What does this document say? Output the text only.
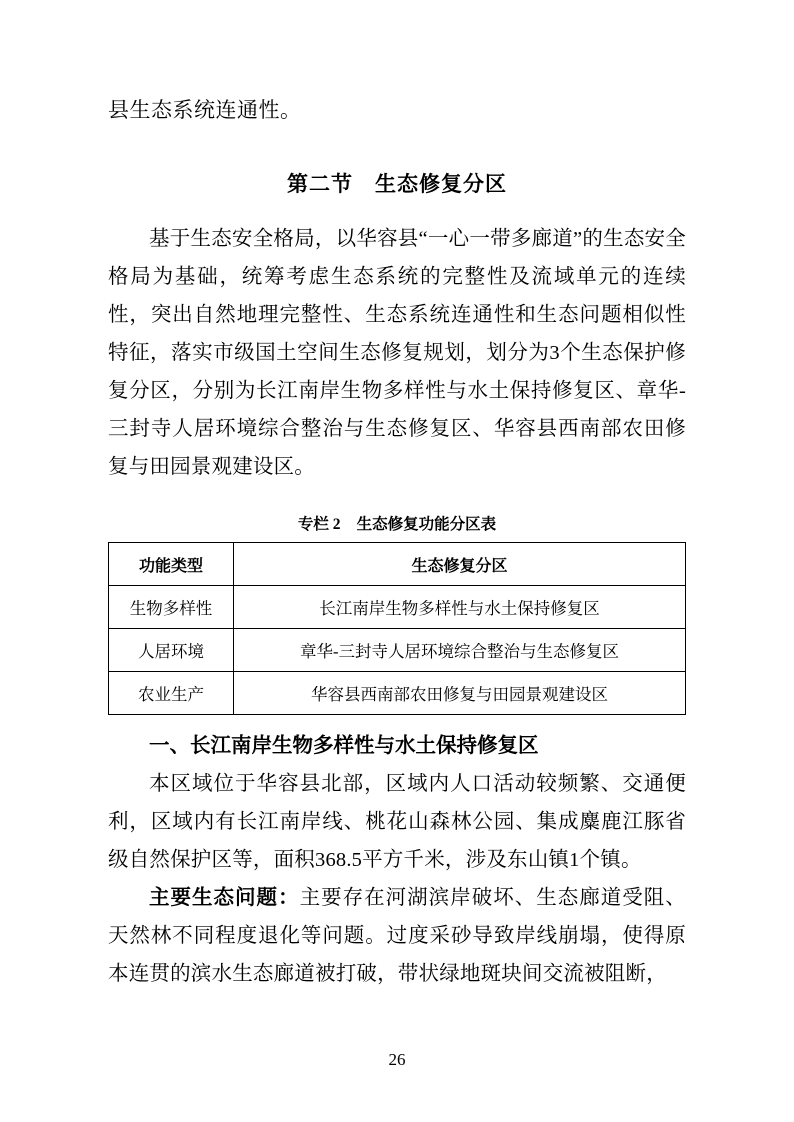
县生态系统连通性。
第二节 生态修复分区

基于生态安全格局，以华容县“一心一带多廊道”的生态安全格局为基础，统筹考虑生态系统的完整性及流域单元的连续性，突出自然地理完整性、生态系统连通性和生态问题相似性特征，落实市级国土空间生态修复规划，划分为3个生态保护修复分区，分别为长江南岸生物多样性与水土保持修复区、章华-三封寺人居环境综合整治与生态修复区、华容县西南部农田修复与田园景观建设区。

专栏 2 生态修复功能分区表
功能类型	生态修复分区
生物多样性	长江南岸生物多样性与水土保持修复区
人居环境	章华-三封寺人居环境综合整治与生态修复区
农业生产	华容县西南部农田修复与田园景观建设区
一、长江南岸生物多样性与水土保持修复区

本区域位于华容县北部，区域内人口活动较频繁、交通便利，区域内有长江南岸线、桃花山森林公园、集成麋鹿江豚省级自然保护区等，面积368.5平方千米，涉及东山镇1个镇。

主要生态问题：主要存在河湖滨岸破坏、生态廊道受阻、天然林不同程度退化等问题。过度采砂导致岸线崩塌，使得原本连贯的滨水生态廊道被打破，带状绿地斑块间交流被阻断，

26
